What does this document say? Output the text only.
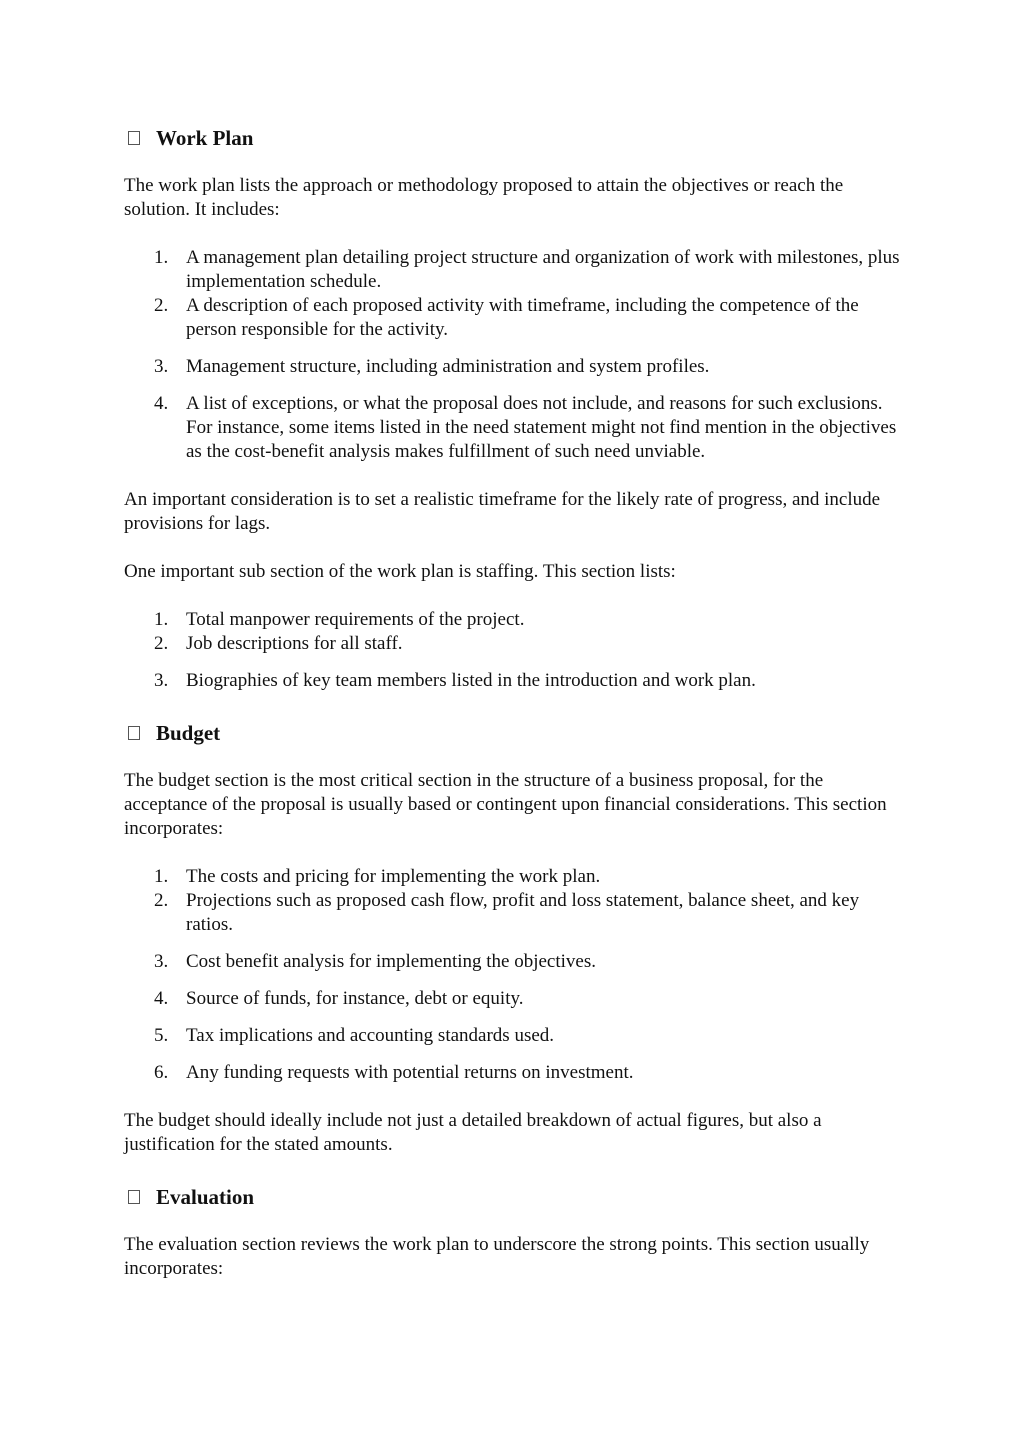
Work Plan

The work plan lists the approach or methodology proposed to attain the objectives or reach the solution. It includes:

1. A management plan detailing project structure and organization of work with milestones, plus implementation schedule.
2. A description of each proposed activity with timeframe, including the competence of the person responsible for the activity.
3. Management structure, including administration and system profiles.
4. A list of exceptions, or what the proposal does not include, and reasons for such exclusions. For instance, some items listed in the need statement might not find mention in the objectives as the cost-benefit analysis makes fulfillment of such need unviable.

An important consideration is to set a realistic timeframe for the likely rate of progress, and include provisions for lags.

One important sub section of the work plan is staffing. This section lists:

1. Total manpower requirements of the project.
2. Job descriptions for all staff.
3. Biographies of key team members listed in the introduction and work plan.
Budget

The budget section is the most critical section in the structure of a business proposal, for the acceptance of the proposal is usually based or contingent upon financial considerations. This section incorporates:

1. The costs and pricing for implementing the work plan.
2. Projections such as proposed cash flow, profit and loss statement, balance sheet, and key ratios.
3. Cost benefit analysis for implementing the objectives.
4. Source of funds, for instance, debt or equity.
5. Tax implications and accounting standards used.
6. Any funding requests with potential returns on investment.

The budget should ideally include not just a detailed breakdown of actual figures, but also a justification for the stated amounts.

Evaluation

The evaluation section reviews the work plan to underscore the strong points. This section usually incorporates:
